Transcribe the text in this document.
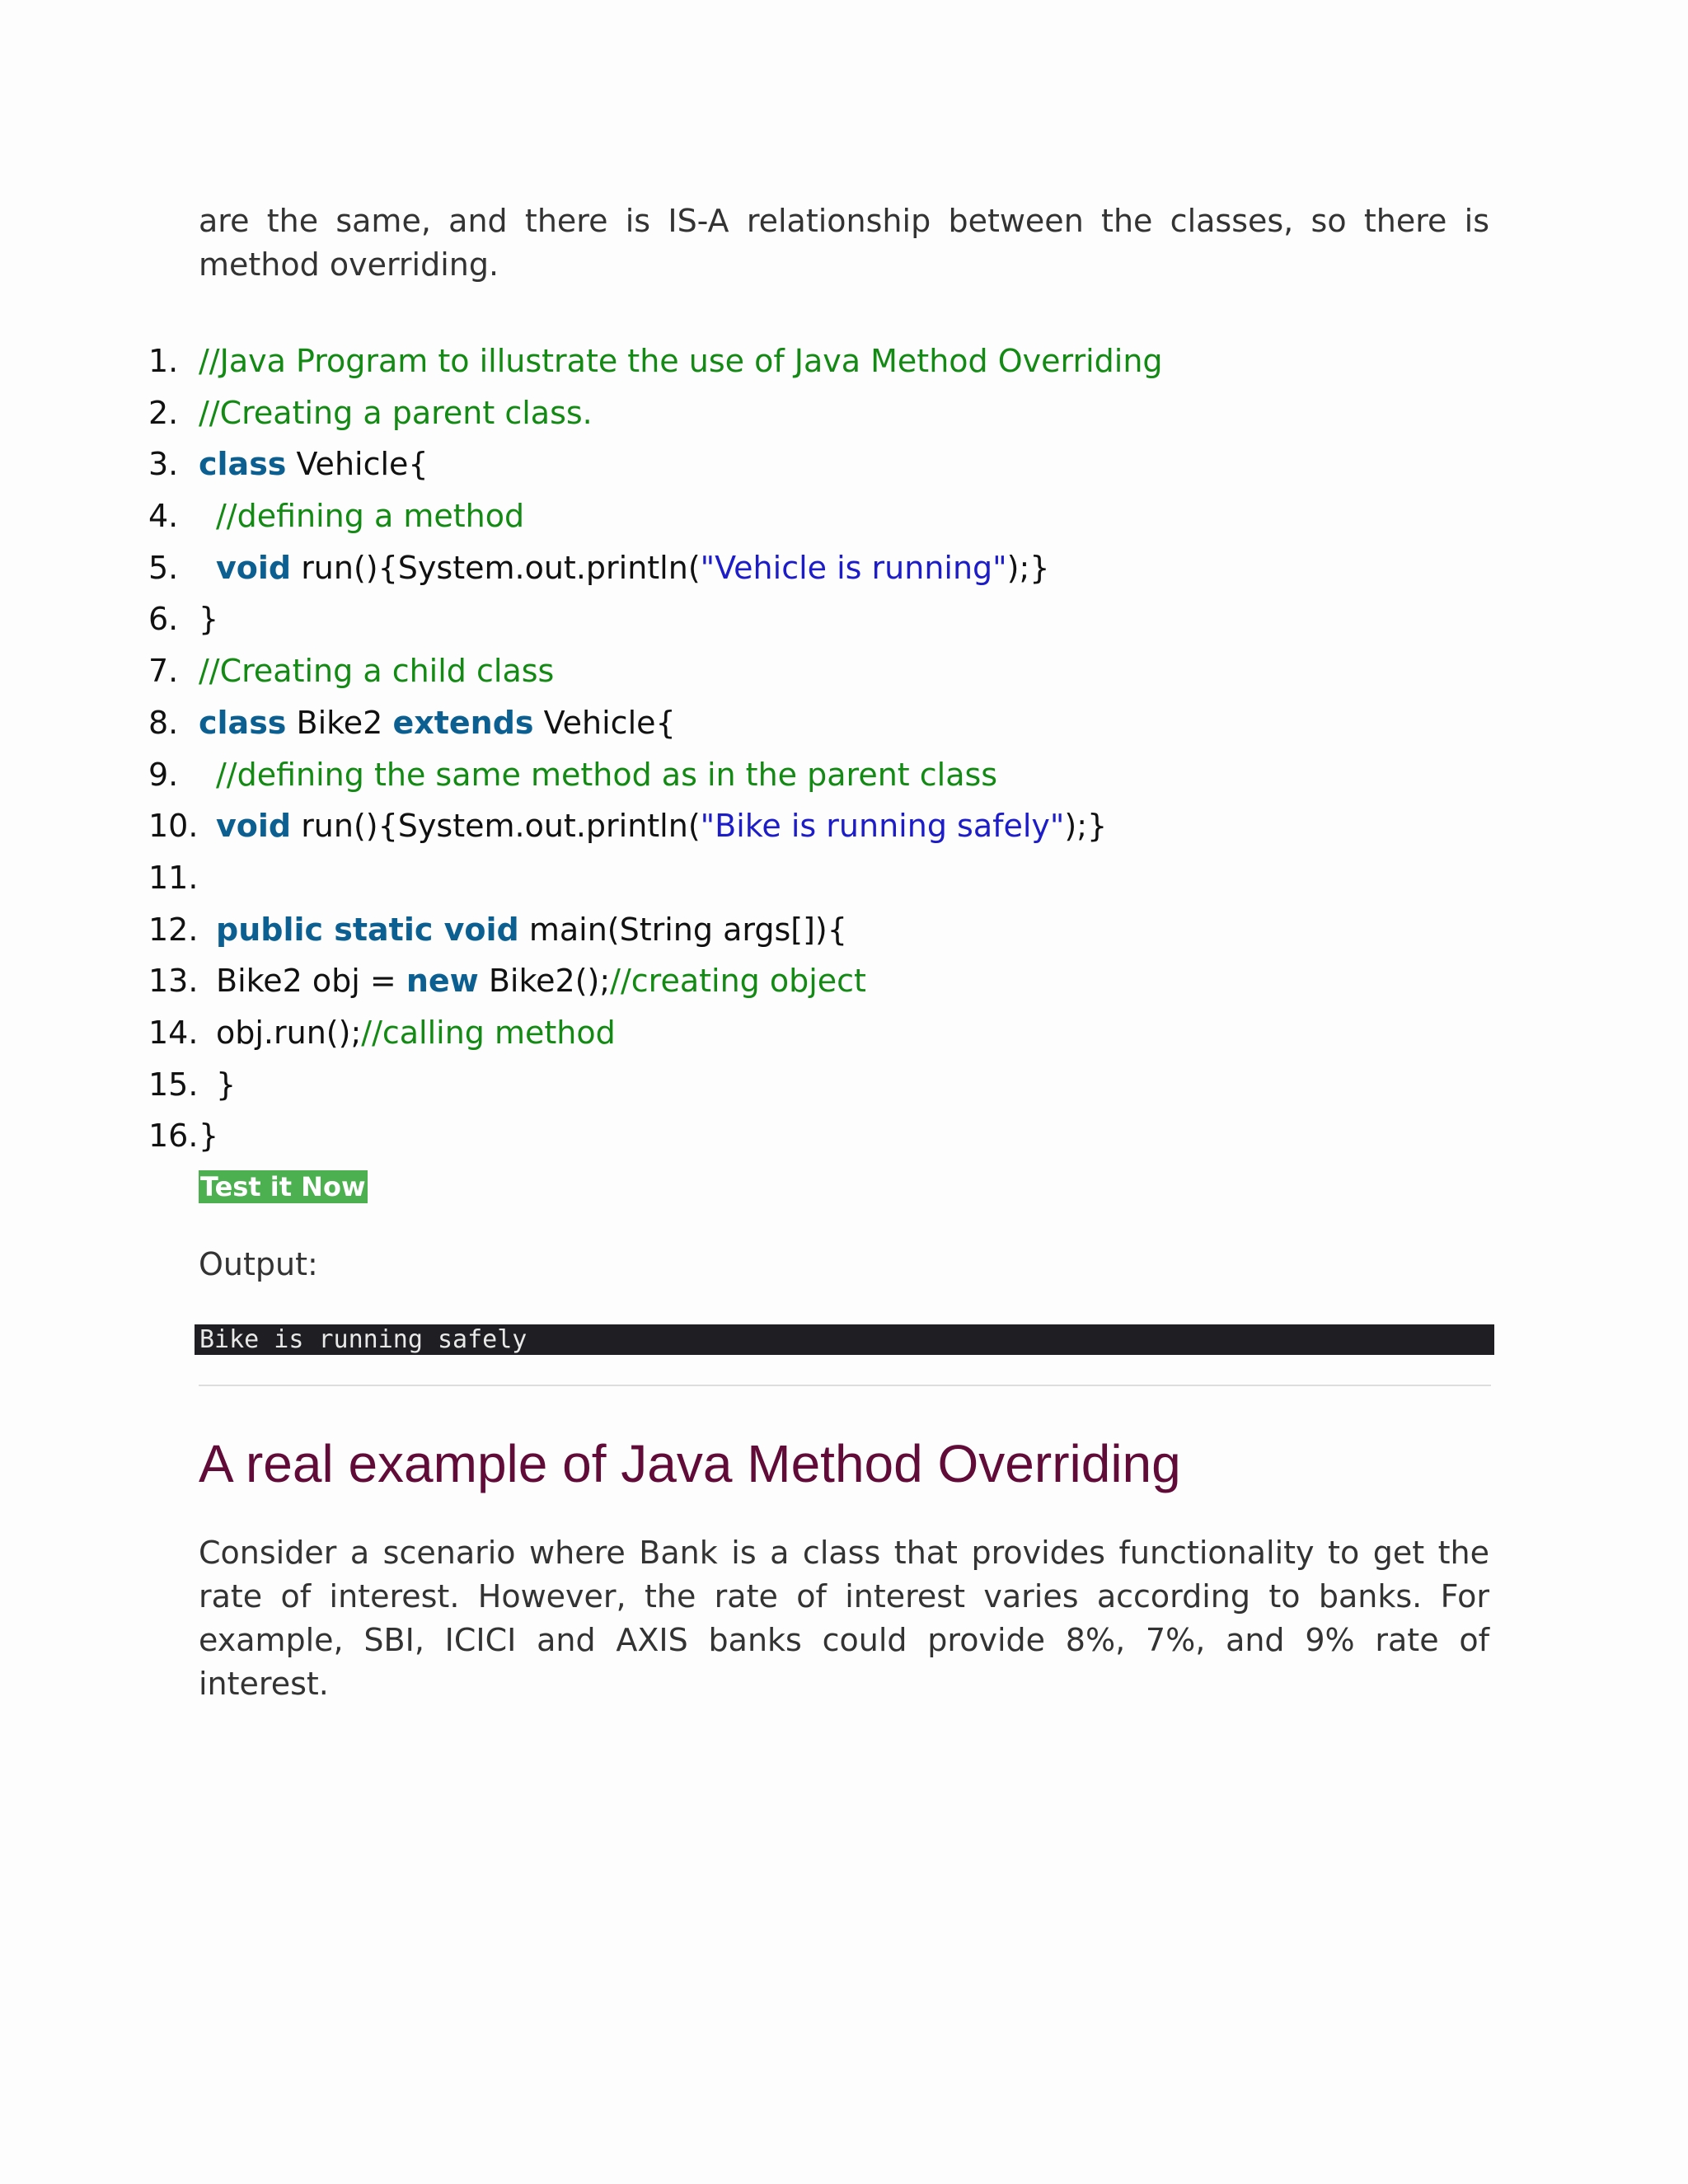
are the same, and there is IS-A relationship between the classes, so there is method overriding.

1. //Java Program to illustrate the use of Java Method Overriding
2. //Creating a parent class.
3. class Vehicle{
4. //defining a method
5. void run(){System.out.println("Vehicle is running");}
6. }
7. //Creating a child class
8. class Bike2 extends Vehicle{
9. //defining the same method as in the parent class
10. void run(){System.out.println("Bike is running safely");}
11.
12. public static void main(String args[]){
13. Bike2 obj = new Bike2();//creating object
14. obj.run();//calling method
15. }
16. }
Test it Now
Output:
Bike is running safely
A real example of Java Method Overriding

Consider a scenario where Bank is a class that provides functionality to get the rate of interest. However, the rate of interest varies according to banks. For example, SBI, ICICI and AXIS banks could provide 8%, 7%, and 9% rate of interest.
